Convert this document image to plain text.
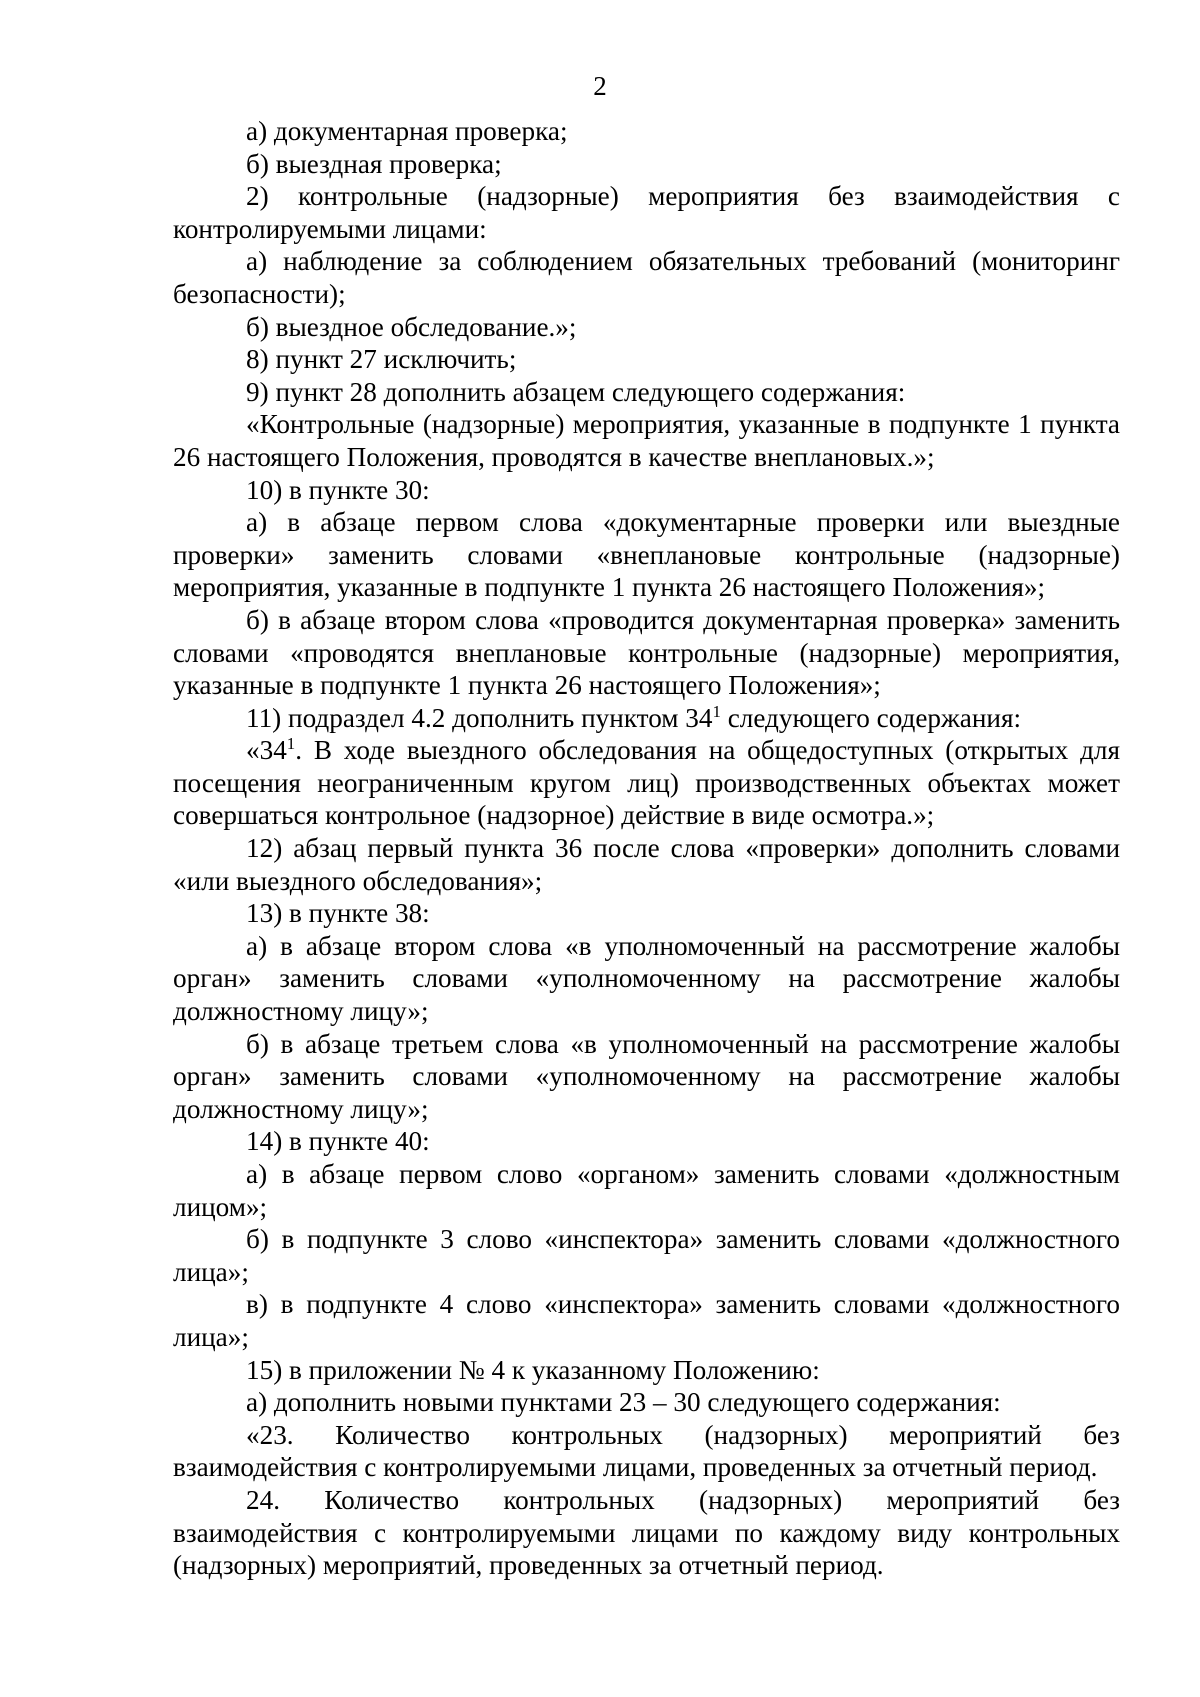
2

а) документарная проверка;

б) выездная проверка;

2) контрольные (надзорные) мероприятия без взаимодействия с контролируемыми лицами:

а) наблюдение за соблюдением обязательных требований (мониторинг безопасности);

б) выездное обследование.»;

8) пункт 27 исключить;

9) пункт 28 дополнить абзацем следующего содержания:

«Контрольные (надзорные) мероприятия, указанные в подпункте 1 пункта 26 настоящего Положения, проводятся в качестве внеплановых.»;

10) в пункте 30:

а) в абзаце первом слова «документарные проверки или выездные проверки» заменить словами «внеплановые контрольные (надзорные) мероприятия, указанные в подпункте 1 пункта 26 настоящего Положения»;

б) в абзаце втором слова «проводится документарная проверка» заменить словами «проводятся внеплановые контрольные (надзорные) мероприятия, указанные в подпункте 1 пункта 26 настоящего Положения»;

11) подраздел 4.2 дополнить пунктом $34^1$ следующего содержания:

«$34^1$. В ходе выездного обследования на общедоступных (открытых для посещения неограниченным кругом лиц) производственных объектах может совершаться контрольное (надзорное) действие в виде осмотра.»;

12) абзац первый пункта 36 после слова «проверки» дополнить словами «или выездного обследования»;

13) в пункте 38:

а) в абзаце втором слова «в уполномоченный на рассмотрение жалобы орган» заменить словами «уполномоченному на рассмотрение жалобы должностному лицу»;

б) в абзаце третьем слова «в уполномоченный на рассмотрение жалобы орган» заменить словами «уполномоченному на рассмотрение жалобы должностному лицу»;

14) в пункте 40:

а) в абзаце первом слово «органом» заменить словами «должностным лицом»;

б) в подпункте 3 слово «инспектора» заменить словами «должностного лица»;

в) в подпункте 4 слово «инспектора» заменить словами «должностного лица»;

15) в приложении № 4 к указанному Положению:

а) дополнить новыми пунктами 23 – 30 следующего содержания:

«23. Количество контрольных (надзорных) мероприятий без взаимодействия с контролируемыми лицами, проведенных за отчетный период.

24. Количество контрольных (надзорных) мероприятий без взаимодействия с контролируемыми лицами по каждому виду контрольных (надзорных) мероприятий, проведенных за отчетный период.
